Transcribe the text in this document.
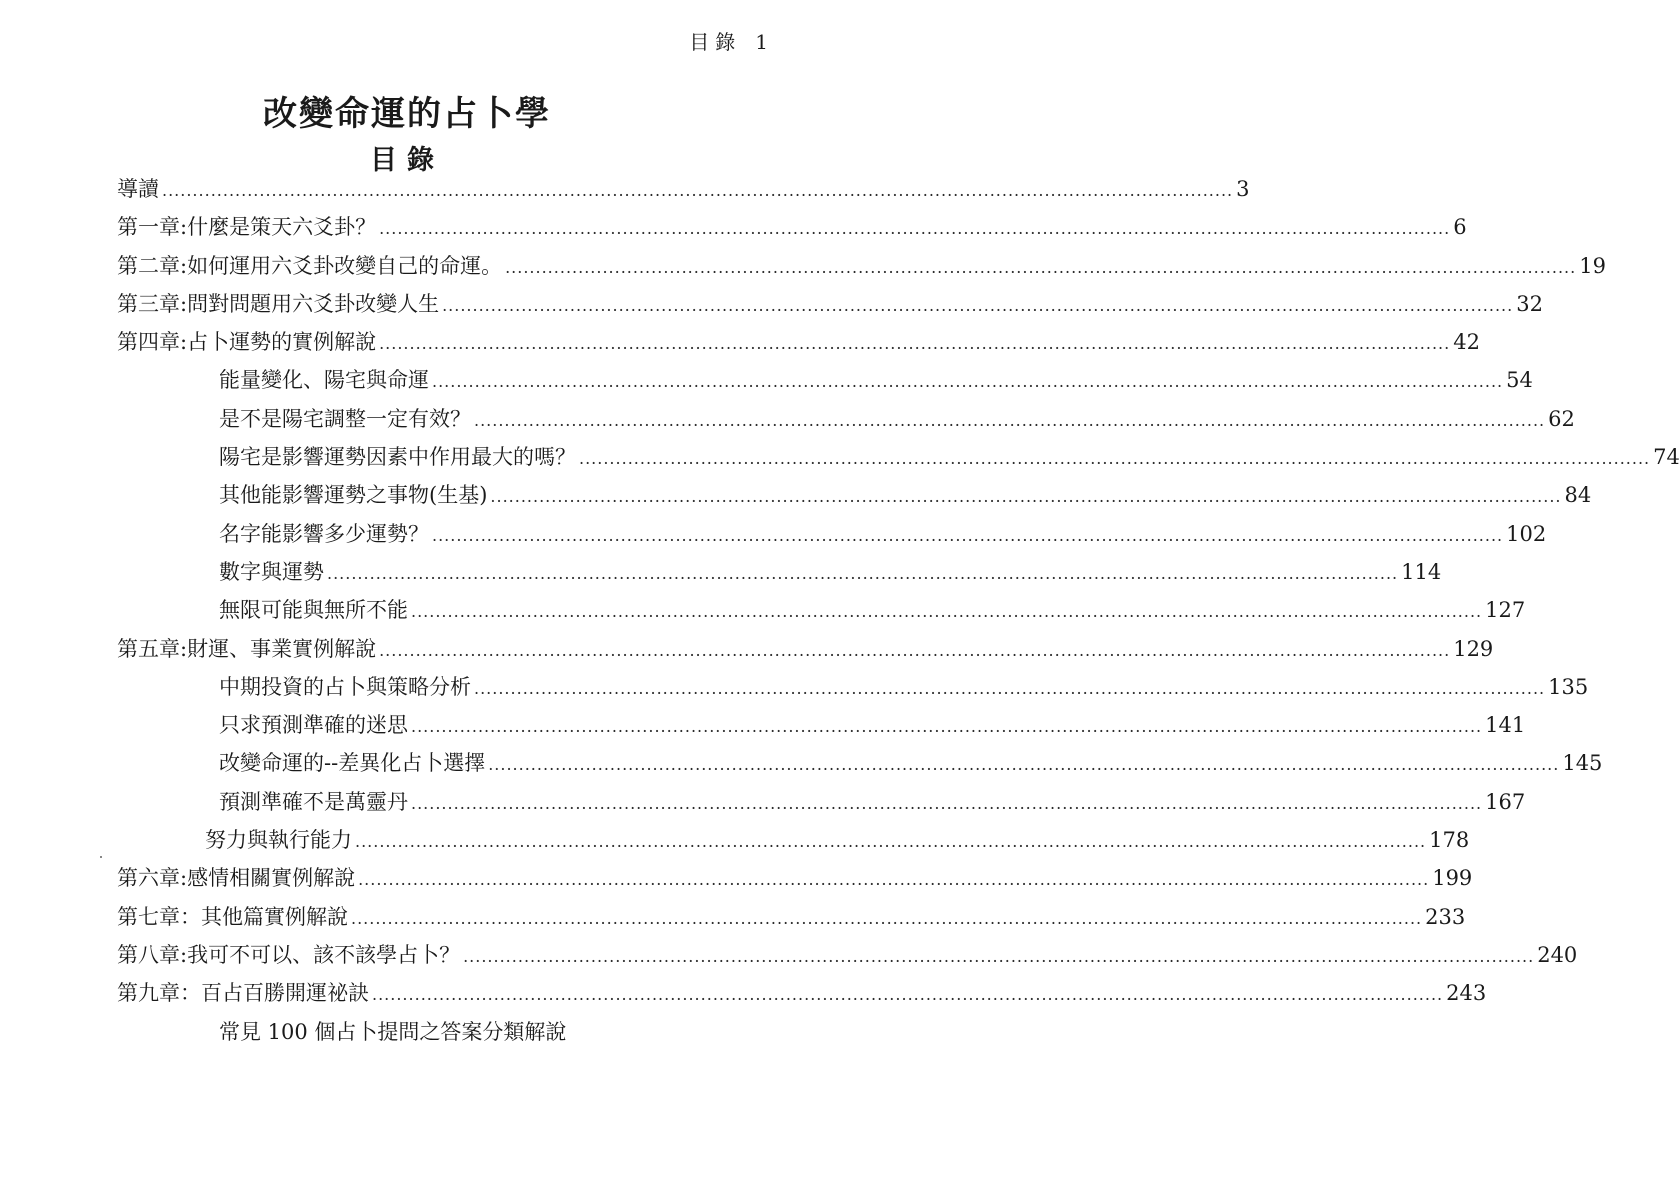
目錄 1
改變命運的占卜學
目錄
導讀 .....	3
第一章:什麼是策天六爻卦？ .....	6
第二章:如何運用六爻卦改變自己的命運。 .....	19
第三章:問對問題用六爻卦改變人生 .....	32
第四章:占卜運勢的實例解說 .....	42
能量變化、陽宅與命運 .....	54
是不是陽宅調整一定有效？ .....	62
陽宅是影響運勢因素中作用最大的嗎？ .....	74
其他能影響運勢之事物(生基) .....	84
名字能影響多少運勢？ .....	102
數字與運勢 .....	114
無限可能與無所不能 .....	127
第五章:財運、事業實例解說 .....	129
中期投資的占卜與策略分析 .....	135
只求預測準確的迷思 .....	141
改變命運的--差異化占卜選擇 .....	145
預測準確不是萬靈丹 .....	167
努力與執行能力 .....	178
第六章:感情相關實例解說 .....	199
第七章：其他篇實例解說 .....	233
第八章:我可不可以、該不該學占卜？ .....	240
第九章：百占百勝開運祕訣 .....	243
常見 100 個占卜提問之答案分類解說
